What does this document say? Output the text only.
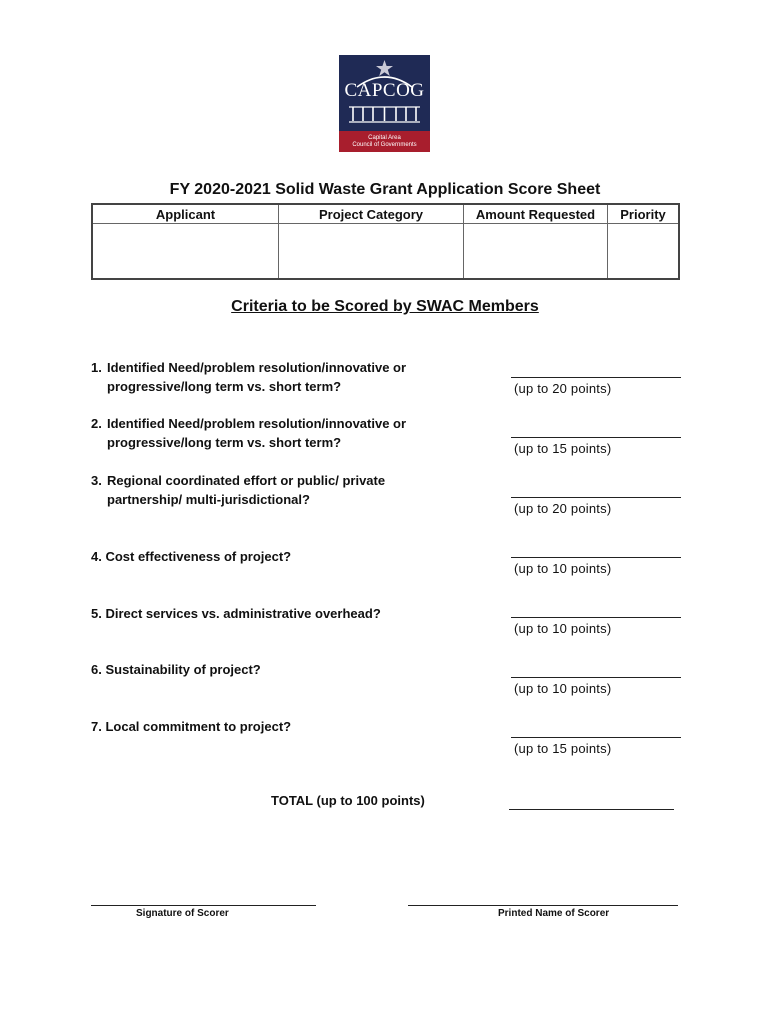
CAPCOG
Capital Area
Council of Governments
FY 2020-2021 Solid Waste Grant Application Score Sheet
Applicant	Project Category	Amount Requested	Priority

Criteria to be Scored by SWAC Members
1. Identified Need/problem resolution/innovative or
progressive/long term vs. short term?	(up to 20 points)
2. Identified Need/problem resolution/innovative or
progressive/long term vs. short term?	(up to 15 points)
3. Regional coordinated effort or public/ private
partnership/ multi-jurisdictional?
(up to 20 points)
4. Cost effectiveness of project?
(up to 10 points)
5. Direct services vs. administrative overhead?
(up to 10 points)
6. Sustainability of project?
(up to 10 points)
7. Local commitment to project?
(up to 15 points)
TOTAL (up to 100 points)
Signature of Scorer	Printed Name of Scorer
